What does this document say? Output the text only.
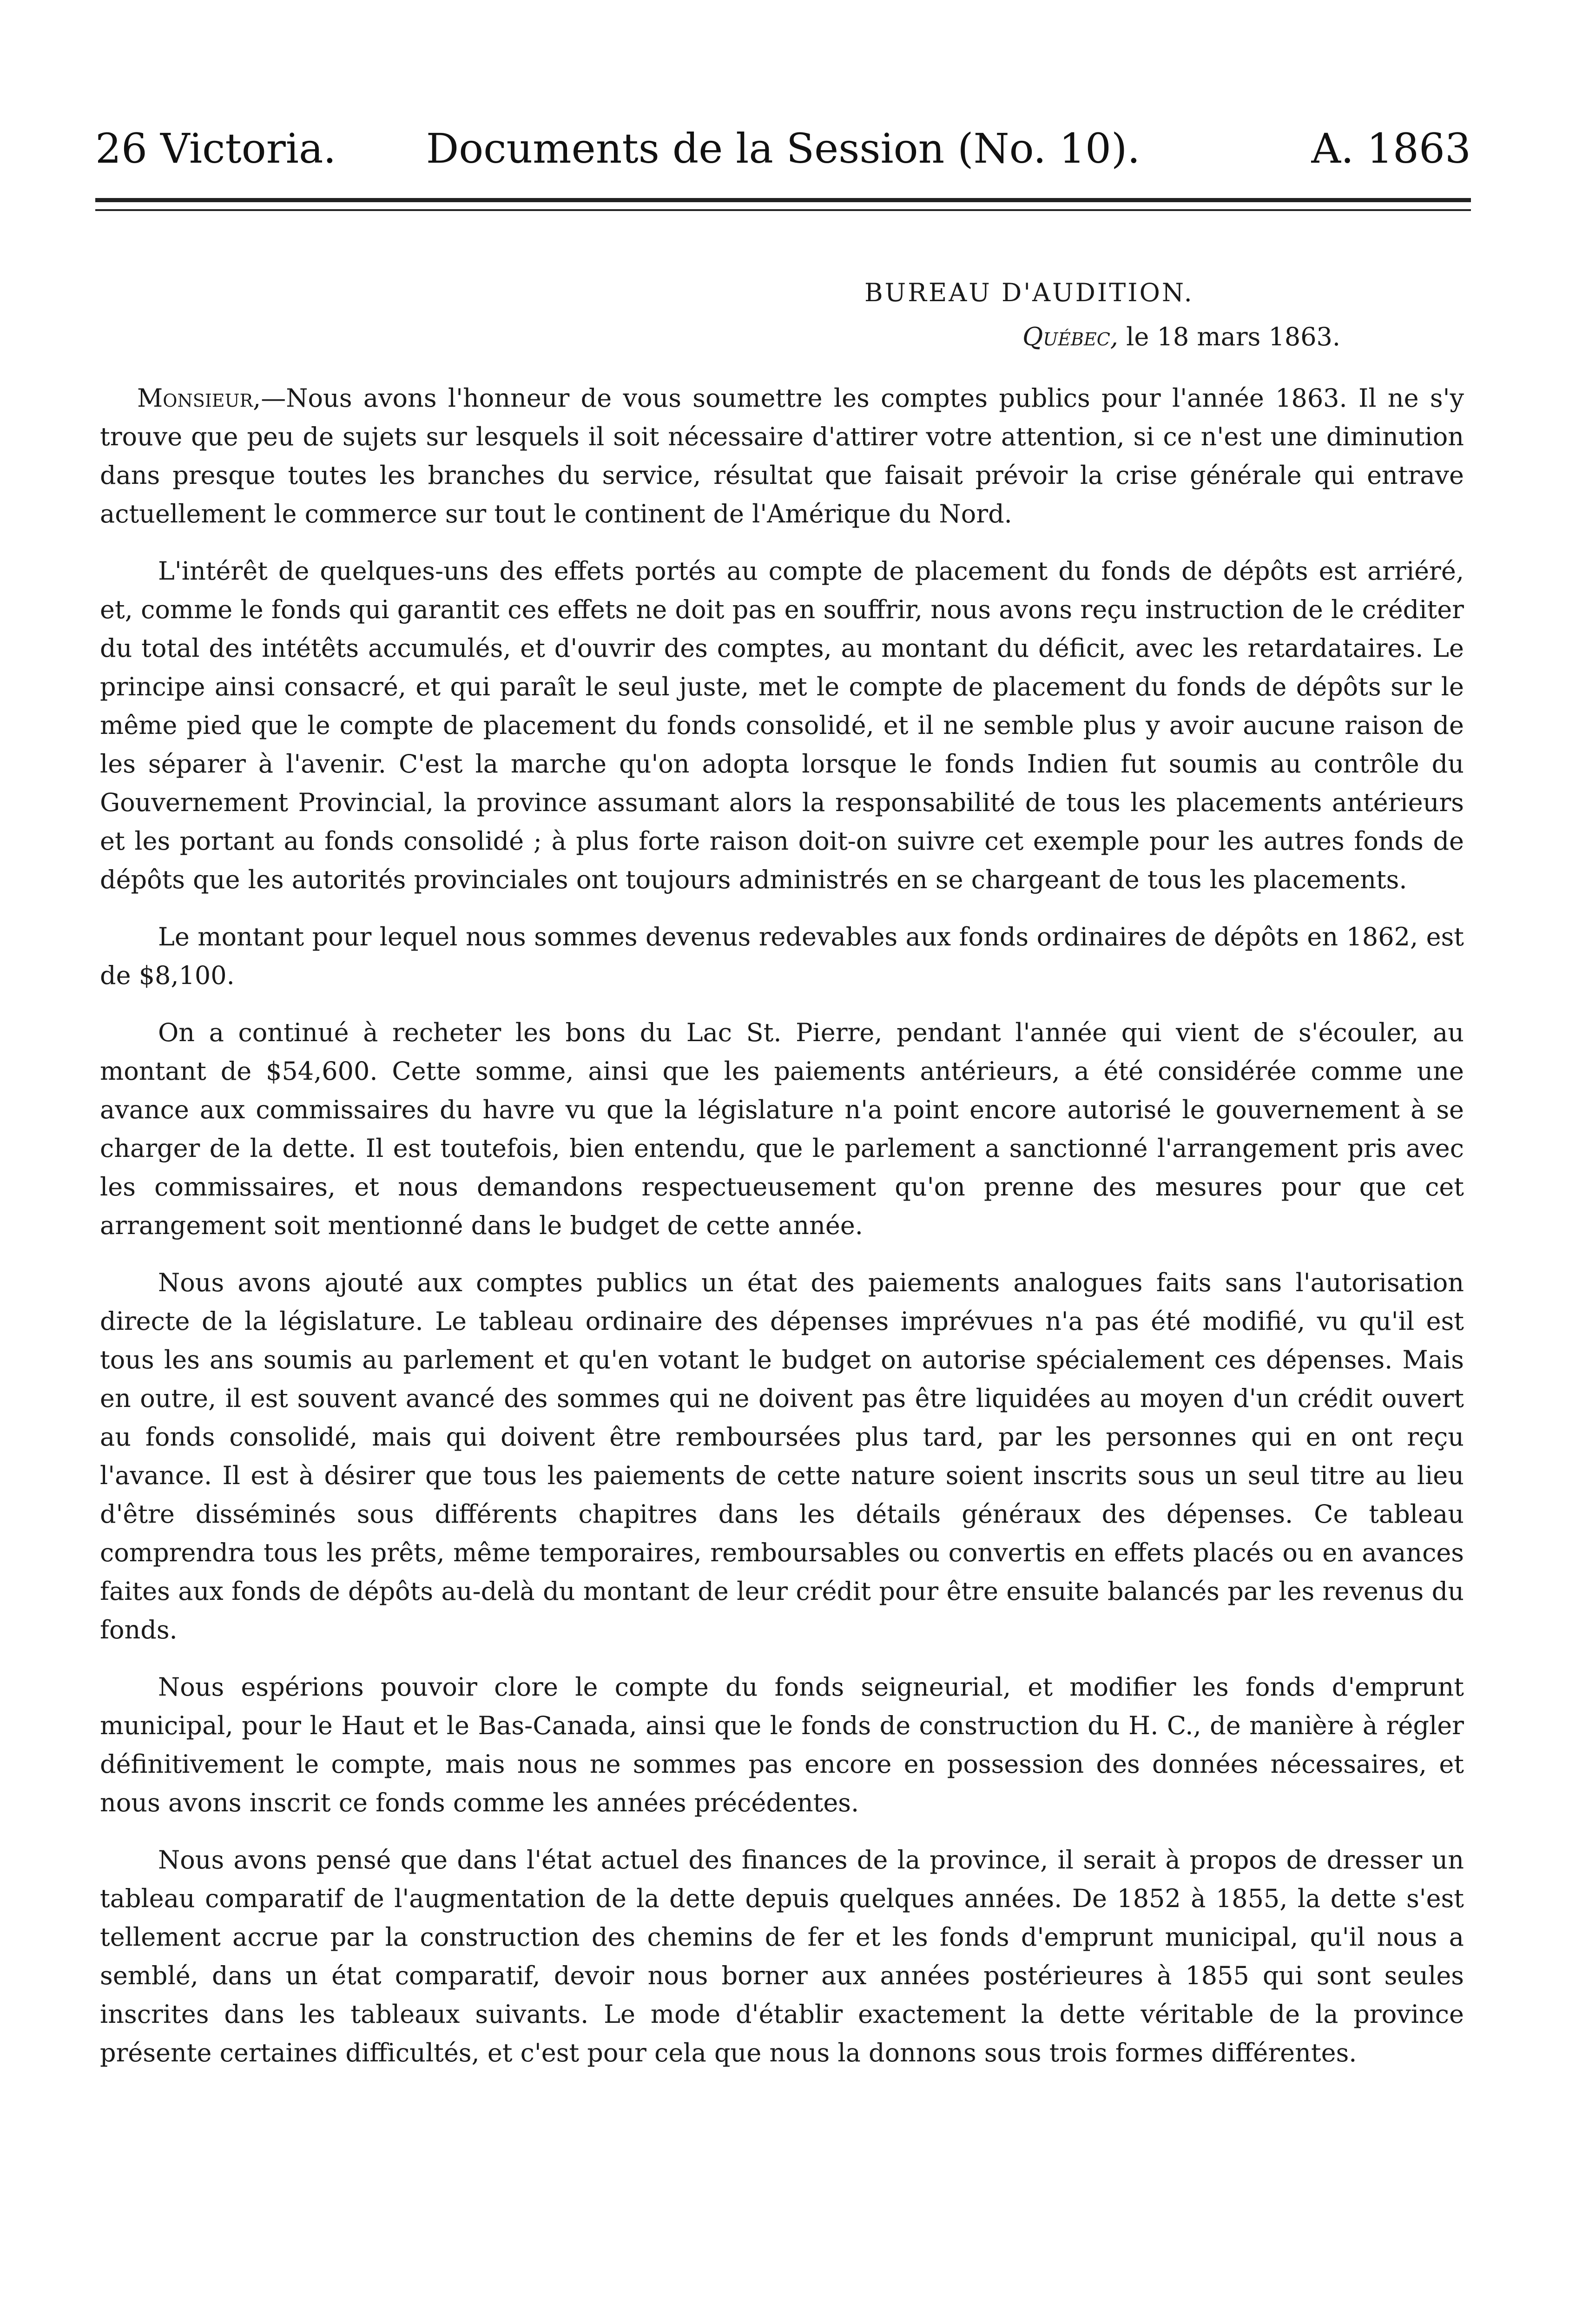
26 Victoria.	Documents de la Session (No. 10).	A. 1863
BUREAU D'AUDITION.
Québec, le 18 mars 1863.

Monsieur,—Nous avons l'honneur de vous soumettre les comptes publics pour l'année 1863. Il ne s'y trouve que peu de sujets sur lesquels il soit nécessaire d'attirer votre attention, si ce n'est une diminution dans presque toutes les branches du service, résultat que faisait prévoir la crise générale qui entrave actuellement le commerce sur tout le continent de l'Amérique du Nord.

L'intérêt de quelques-uns des effets portés au compte de placement du fonds de dépôts est arriéré, et, comme le fonds qui garantit ces effets ne doit pas en souffrir, nous avons reçu instruction de le créditer du total des intétêts accumulés, et d'ouvrir des comptes, au montant du déficit, avec les retardataires. Le principe ainsi consacré, et qui paraît le seul juste, met le compte de placement du fonds de dépôts sur le même pied que le compte de placement du fonds consolidé, et il ne semble plus y avoir aucune raison de les séparer à l'avenir. C'est la marche qu'on adopta lorsque le fonds Indien fut soumis au contrôle du Gouvernement Provincial, la province assumant alors la responsabilité de tous les placements antérieurs et les portant au fonds consolidé ; à plus forte raison doit-on suivre cet exemple pour les autres fonds de dépôts que les autorités provinciales ont toujours administrés en se chargeant de tous les placements.

Le montant pour lequel nous sommes devenus redevables aux fonds ordinaires de dépôts en 1862, est de $8,100.

On a continué à recheter les bons du Lac St. Pierre, pendant l'année qui vient de s'écouler, au montant de $54,600. Cette somme, ainsi que les paiements antérieurs, a été considérée comme une avance aux commissaires du havre vu que la législature n'a point encore autorisé le gouvernement à se charger de la dette. Il est toutefois, bien entendu, que le parlement a sanctionné l'arrangement pris avec les commissaires, et nous demandons respectueusement qu'on prenne des mesures pour que cet arrangement soit mentionné dans le budget de cette année.

Nous avons ajouté aux comptes publics un état des paiements analogues faits sans l'autorisation directe de la législature. Le tableau ordinaire des dépenses imprévues n'a pas été modifié, vu qu'il est tous les ans soumis au parlement et qu'en votant le budget on autorise spécialement ces dépenses. Mais en outre, il est souvent avancé des sommes qui ne doivent pas être liquidées au moyen d'un crédit ouvert au fonds consolidé, mais qui doivent être remboursées plus tard, par les personnes qui en ont reçu l'avance. Il est à désirer que tous les paiements de cette nature soient inscrits sous un seul titre au lieu d'être disséminés sous différents chapitres dans les détails généraux des dépenses. Ce tableau comprendra tous les prêts, même temporaires, remboursables ou convertis en effets placés ou en avances faites aux fonds de dépôts au-delà du montant de leur crédit pour être ensuite balancés par les revenus du fonds.

Nous espérions pouvoir clore le compte du fonds seigneurial, et modifier les fonds d'emprunt municipal, pour le Haut et le Bas-Canada, ainsi que le fonds de construction du H. C., de manière à régler définitivement le compte, mais nous ne sommes pas encore en possession des données nécessaires, et nous avons inscrit ce fonds comme les années précédentes.

Nous avons pensé que dans l'état actuel des finances de la province, il serait à propos de dresser un tableau comparatif de l'augmentation de la dette depuis quelques années. De 1852 à 1855, la dette s'est tellement accrue par la construction des chemins de fer et les fonds d'emprunt municipal, qu'il nous a semblé, dans un état comparatif, devoir nous borner aux années postérieures à 1855 qui sont seules inscrites dans les tableaux suivants. Le mode d'établir exactement la dette véritable de la province présente certaines difficultés, et c'est pour cela que nous la donnons sous trois formes différentes.
